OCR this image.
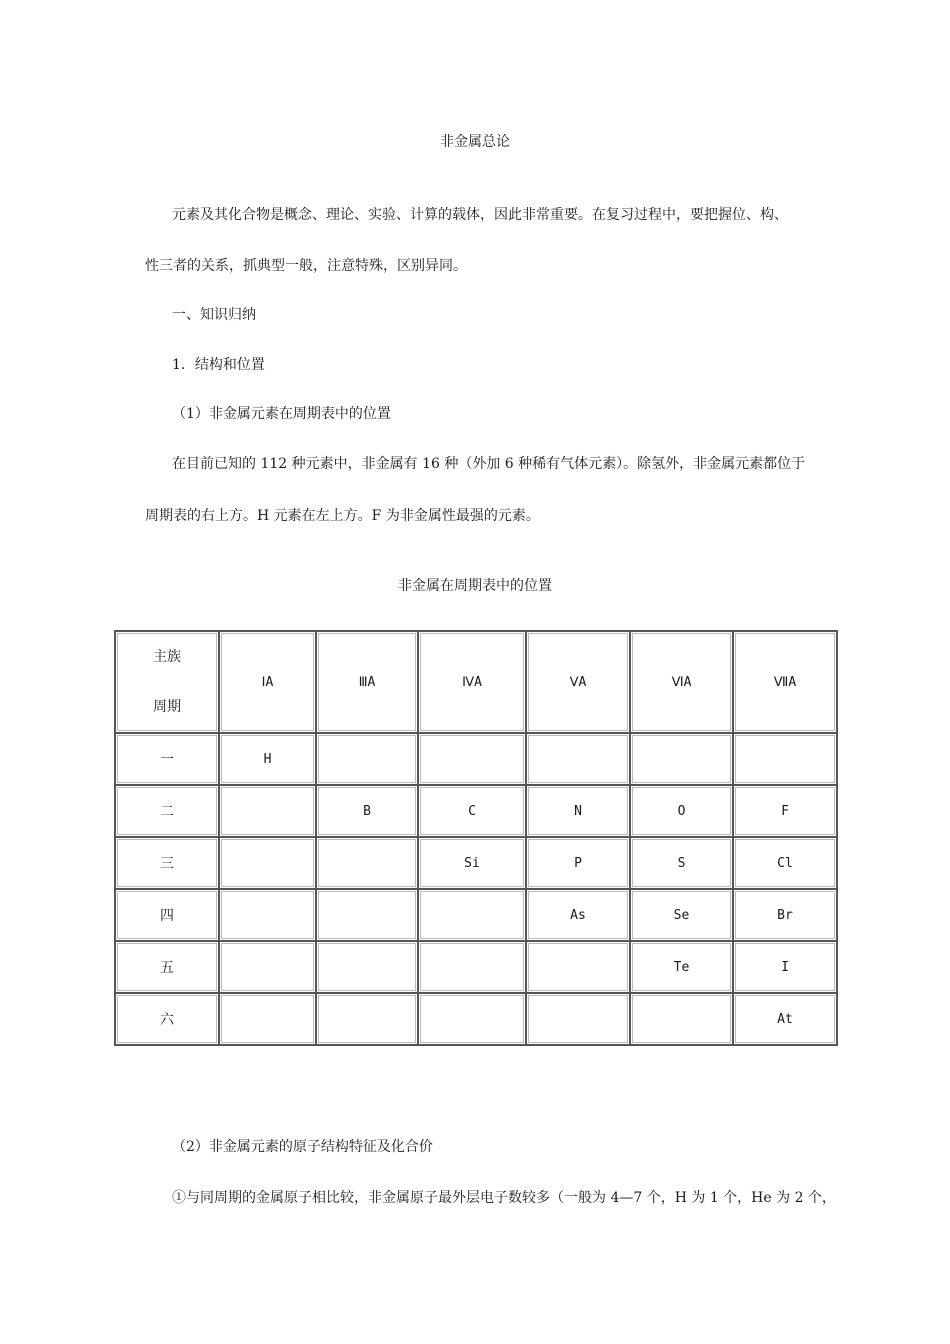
非金属总论
元素及其化合物是概念、理论、实验、计算的载体，因此非常重要。在复习过程中，要把握位、构、
性三者的关系，抓典型一般，注意特殊，区别异同。
一、知识归纳
1．结构和位置
（1）非金属元素在周期表中的位置
在目前已知的 112 种元素中，非金属有 16 种（外加 6 种稀有气体元素）。除氢外，非金属元素都位于
周期表的右上方。H 元素在左上方。F 为非金属性最强的元素。
非金属在周期表中的位置
主族
周期	ⅠA	ⅢA	ⅣA	ⅤA	ⅥA	ⅦA
一	H					
二		B	C	N	O	F
三			Si	P	S	Cl
四				As	Se	Br
五					Te	I
六						At
（2）非金属元素的原子结构特征及化合价
①与同周期的金属原子相比较，非金属原子最外层电子数较多（一般为 4—7 个，H 为 1 个，He 为 2 个，
